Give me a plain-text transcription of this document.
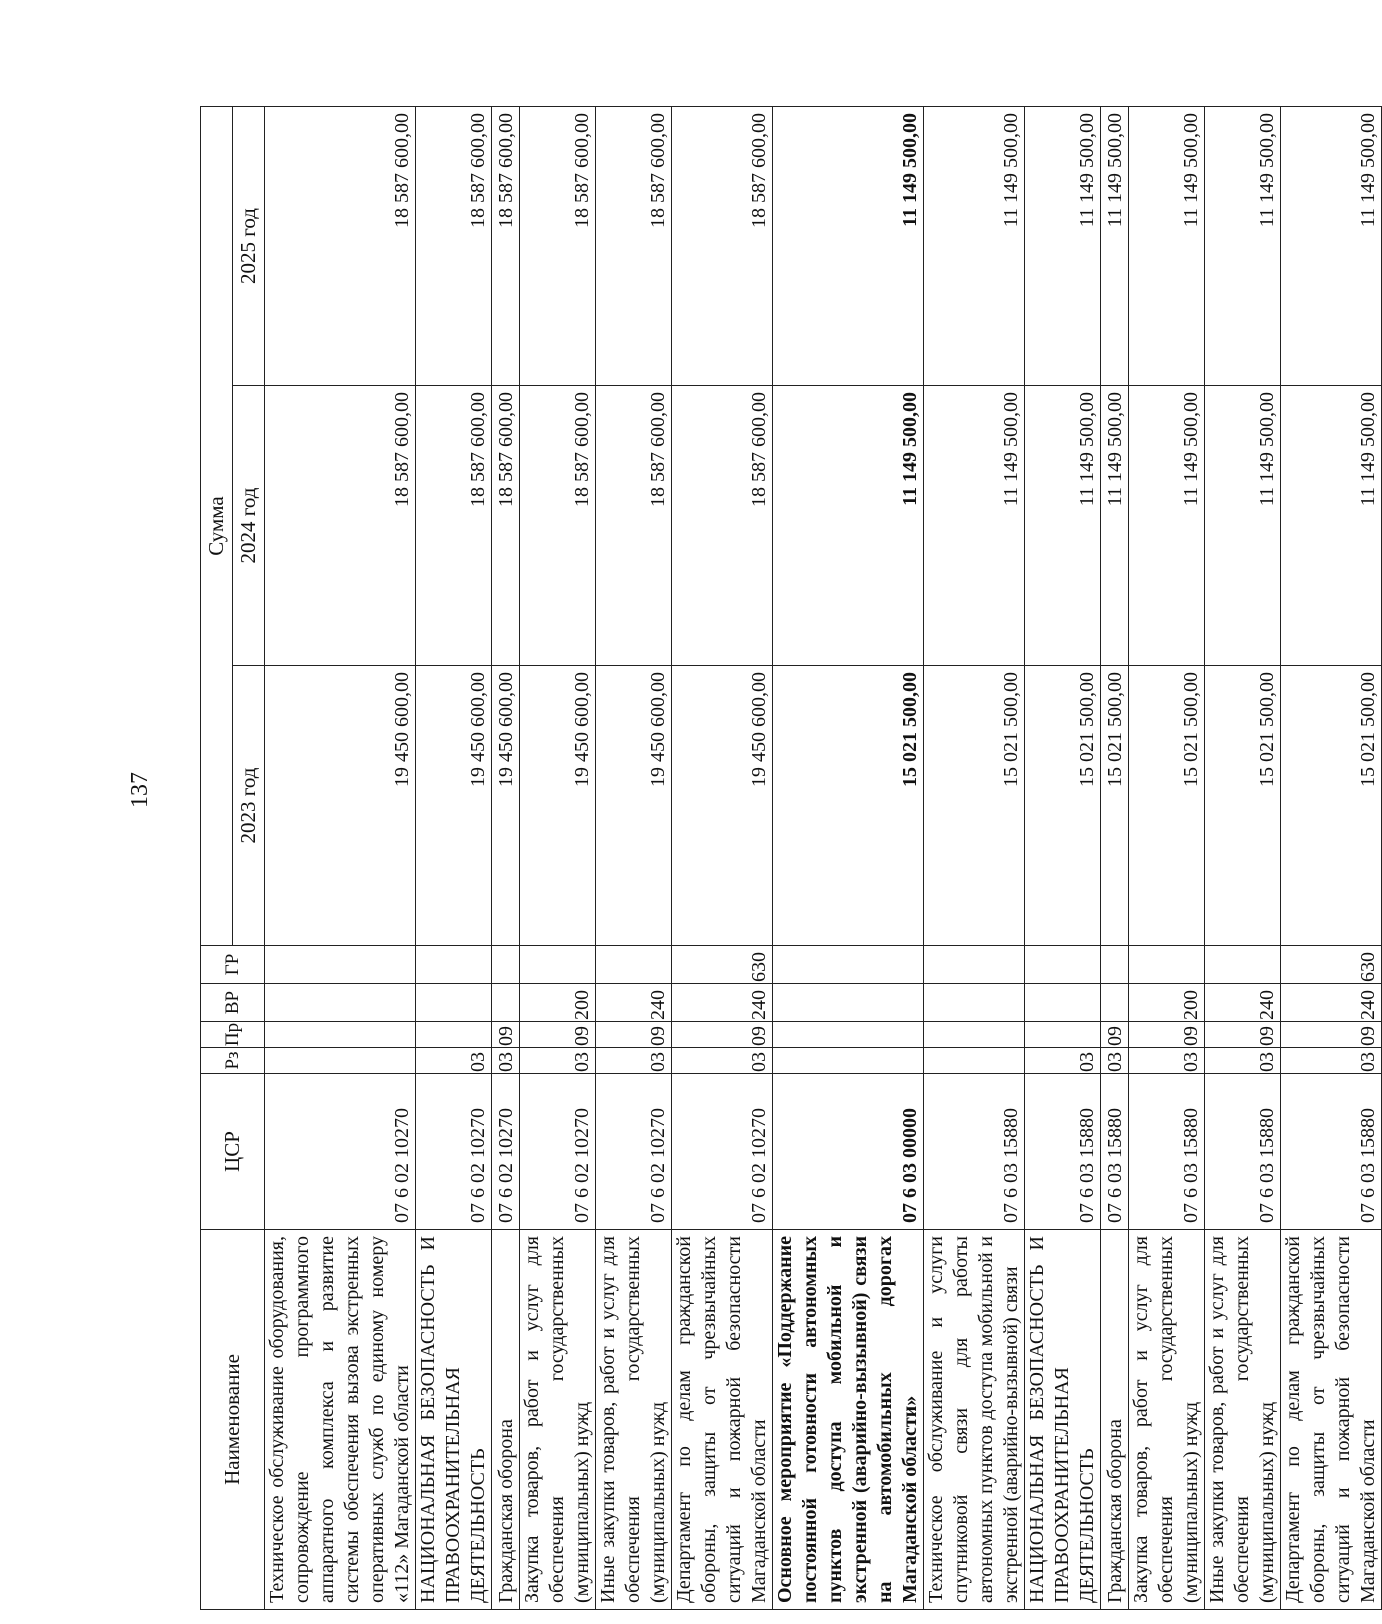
137
Наименование	ЦСР	Рз	Пр	ВР	ГР	Сумма		
						2023 год	2024 год	2025 год
Техническое обслуживание оборудования, сопровождение программного аппаратного комплекса и развитие системы обеспечения вызова экстренных оперативных служб по единому номеру «112» Магаданской области	07 6 02 10270					19 450 600,00	18 587 600,00	18 587 600,00
НАЦИОНАЛЬНАЯ БЕЗОПАСНОСТЬ И ПРАВООХРАНИТЕЛЬНАЯ ДЕЯТЕЛЬНОСТЬ	07 6 02 10270	03				19 450 600,00	18 587 600,00	18 587 600,00
Гражданская оборона	07 6 02 10270	03	09			19 450 600,00	18 587 600,00	18 587 600,00
Закупка товаров, работ и услуг для обеспечения государственных (муниципальных) нужд	07 6 02 10270	03	09	200		19 450 600,00	18 587 600,00	18 587 600,00
Иные закупки товаров, работ и услуг для обеспечения государственных (муниципальных) нужд	07 6 02 10270	03	09	240		19 450 600,00	18 587 600,00	18 587 600,00
Департамент по делам гражданской обороны, защиты от чрезвычайных ситуаций и пожарной безопасности Магаданской области	07 6 02 10270	03	09	240	630	19 450 600,00	18 587 600,00	18 587 600,00
Основное мероприятие «Поддержание постоянной готовности автономных пунктов доступа мобильной и экстренной (аварийно-вызывной) связи на автомобильных дорогах Магаданской области»	07 6 03 00000					15 021 500,00	11 149 500,00	11 149 500,00
Техническое обслуживание и услуги спутниковой связи для работы автономных пунктов доступа мобильной и экстренной (аварийно-вызывной) связи	07 6 03 15880					15 021 500,00	11 149 500,00	11 149 500,00
НАЦИОНАЛЬНАЯ БЕЗОПАСНОСТЬ И ПРАВООХРАНИТЕЛЬНАЯ ДЕЯТЕЛЬНОСТЬ	07 6 03 15880	03				15 021 500,00	11 149 500,00	11 149 500,00
Гражданская оборона	07 6 03 15880	03	09			15 021 500,00	11 149 500,00	11 149 500,00
Закупка товаров, работ и услуг для обеспечения государственных (муниципальных) нужд	07 6 03 15880	03	09	200		15 021 500,00	11 149 500,00	11 149 500,00
Иные закупки товаров, работ и услуг для обеспечения государственных (муниципальных) нужд	07 6 03 15880	03	09	240		15 021 500,00	11 149 500,00	11 149 500,00
Департамент по делам гражданской обороны, защиты от чрезвычайных ситуаций и пожарной безопасности Магаданской области	07 6 03 15880	03	09	240	630	15 021 500,00	11 149 500,00	11 149 500,00
